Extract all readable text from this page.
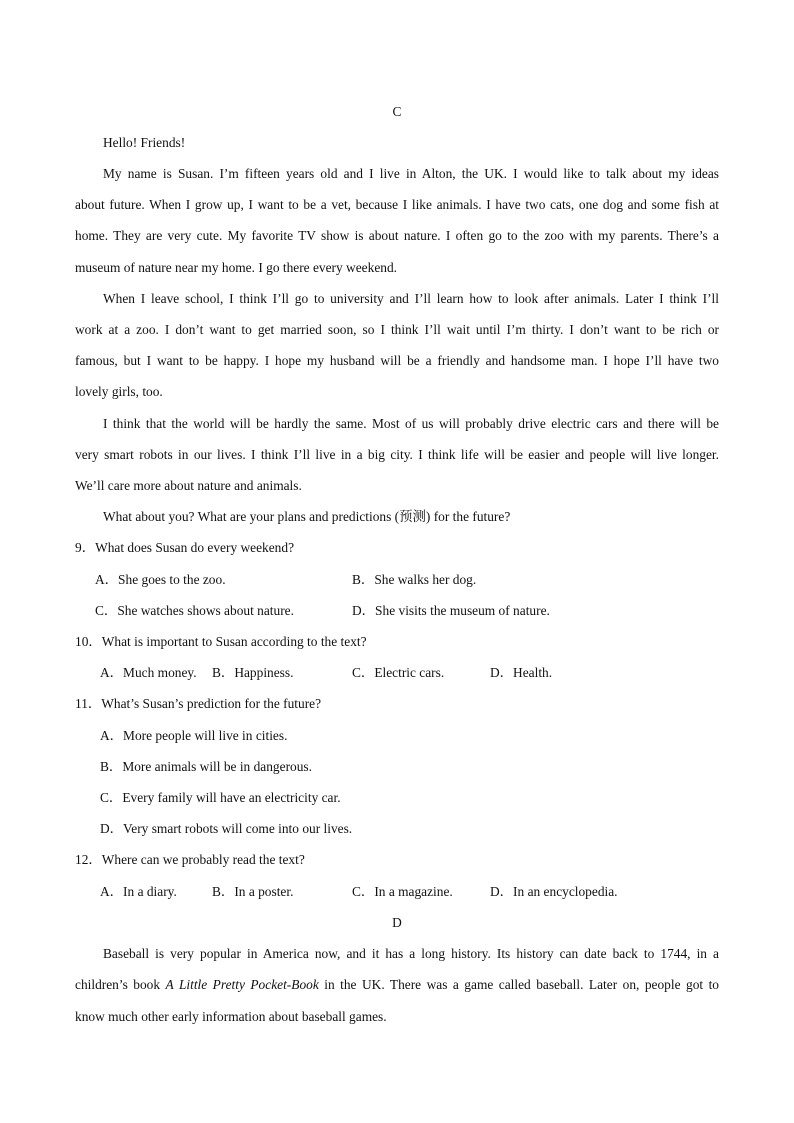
C
Hello! Friends!
My name is Susan. I’m fifteen years old and I live in Alton, the UK. I would like to talk about my ideas
about future. When I grow up, I want to be a vet, because I like animals. I have two cats, one dog and some fish at
home. They are very cute. My favorite TV show is about nature. I often go to the zoo with my parents. There’s a
museum of nature near my home. I go there every weekend.
When I leave school, I think I’ll go to university and I’ll learn how to look after animals. Later I think I’ll
work at a zoo. I don’t want to get married soon, so I think I’ll wait until I’m thirty. I don’t want to be rich or
famous, but I want to be happy. I hope my husband will be a friendly and handsome man. I hope I’ll have two
lovely girls, too.
I think that the world will be hardly the same. Most of us will probably drive electric cars and there will be
very smart robots in our lives. I think I’ll live in a big city. I think life will be easier and people will live longer.
We’ll care more about nature and animals.
What about you? What are your plans and predictions (预测) for the future?
9．What does Susan do every weekend?
A．She goes to the zoo.	B．She walks her dog.
C．She watches shows about nature.	D．She visits the museum of nature.
10．What is important to Susan according to the text?
A．Much money. B．Happiness.	C．Electric cars.	D．Health.
11．What’s Susan’s prediction for the future?
A．More people will live in cities.
B．More animals will be in dangerous.
C．Every family will have an electricity car.
D．Very smart robots will come into our lives.
12．Where can we probably read the text?
A．In a diary.	B．In a poster.	C．In a magazine.	D．In an encyclopedia.
D
Baseball is very popular in America now, and it has a long history. Its history can date back to 1744, in a
children’s book A Little Pretty Pocket-Book in the UK. There was a game called baseball. Later on, people got to
know much other early information about baseball games.
